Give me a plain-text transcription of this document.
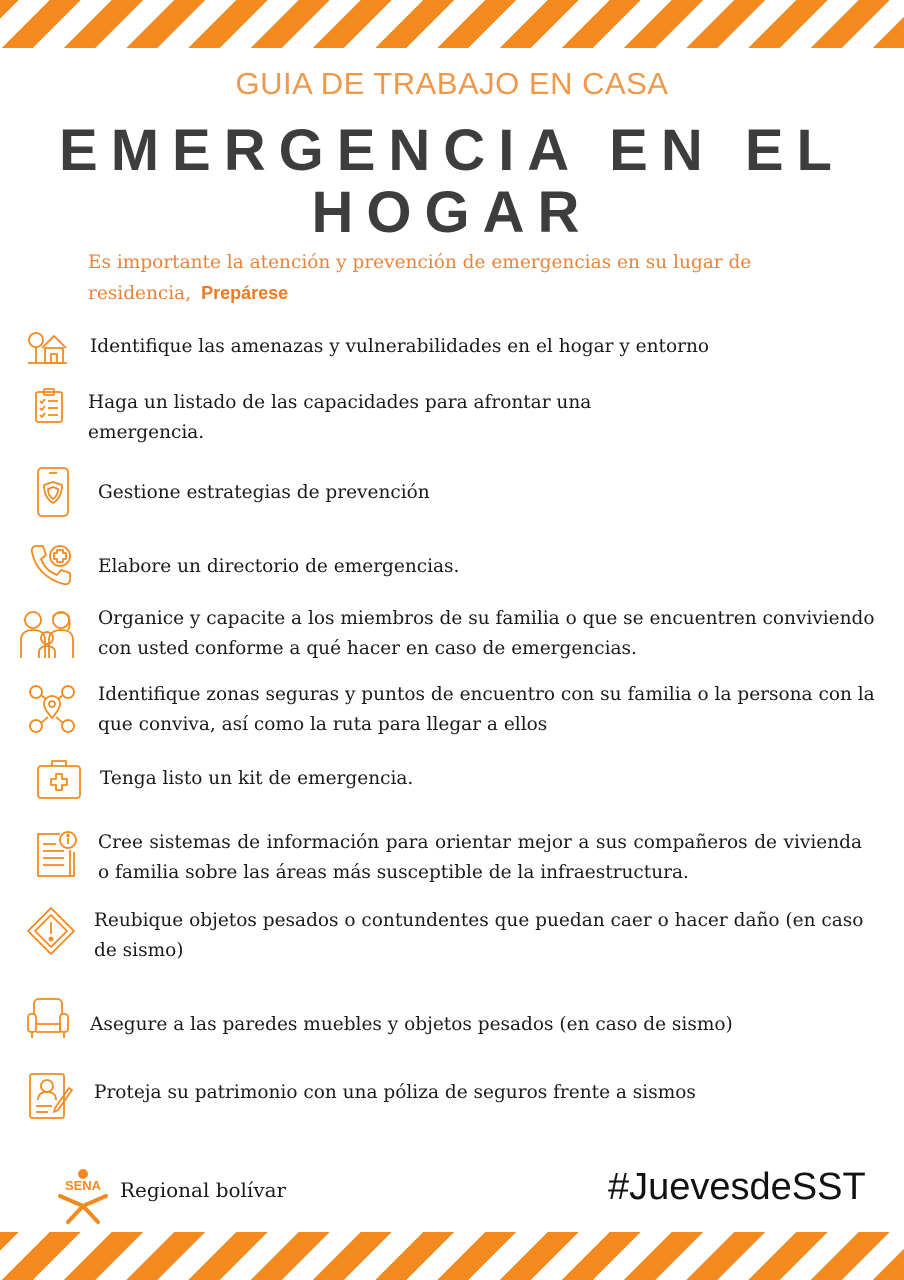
GUIA DE TRABAJO EN CASA
EMERGENCIA EN EL HOGAR
Es importante la atención y prevención de emergencias en su lugar de residencia, Prepárese
Identifique las amenazas y vulnerabilidades en el hogar y entorno
Haga un listado de las capacidades para afrontar una emergencia.
Gestione estrategias de prevención
Elabore un directorio de emergencias.
Organice y capacite a los miembros de su familia o que se encuentren conviviendo con usted conforme a qué hacer en caso de emergencias.
Identifique zonas seguras y puntos de encuentro con su familia o la persona con la que conviva, así como la ruta para llegar a ellos
Tenga listo un kit de emergencia.
Cree sistemas de información para orientar mejor a sus compañeros de vivienda o familia sobre las áreas más susceptible de la infraestructura.
Reubique objetos pesados o contundentes que puedan caer o hacer daño (en caso de sismo)
Asegure a las paredes muebles y objetos pesados (en caso de sismo)
Proteja su patrimonio con una póliza de seguros frente a sismos
SENA Regional bolívar	#JuevesdeSST
